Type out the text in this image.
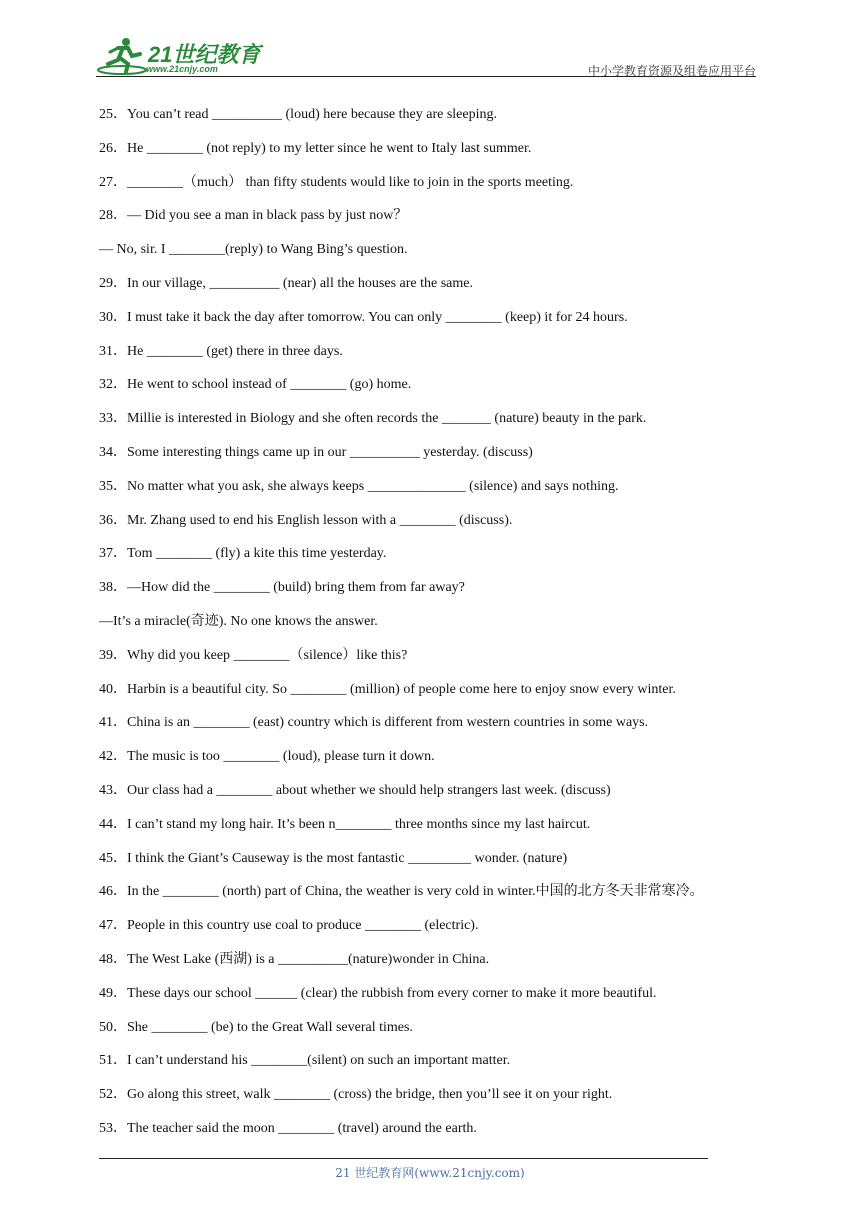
21世纪教育
www.21cnjy.com	中小学教育资源及组卷应用平台
25．You can’t read __________ (loud) here because they are sleeping.
26．He ________ (not reply) to my letter since he went to Italy last summer.
27．________（much） than fifty students would like to join in the sports meeting.
28．— Did you see a man in black pass by just now？
— No, sir. I ________(reply) to Wang Bing’s question.
29．In our village, __________ (near) all the houses are the same.
30．I must take it back the day after tomorrow. You can only ________ (keep) it for 24 hours.
31．He ________ (get) there in three days.
32．He went to school instead of ________ (go) home.
33．Millie is interested in Biology and she often records the _______ (nature) beauty in the park.
34．Some interesting things came up in our __________ yesterday. (discuss)
35．No matter what you ask, she always keeps ______________ (silence) and says nothing.
36．Mr. Zhang used to end his English lesson with a ________ (discuss).
37．Tom ________ (fly) a kite this time yesterday.
38．—How did the ________ (build) bring them from far away?
—It’s a miracle(奇迹). No one knows the answer.
39．Why did you keep ________（silence）like this?
40．Harbin is a beautiful city. So ________ (million) of people come here to enjoy snow every winter.
41．China is an ________ (east) country which is different from western countries in some ways.
42．The music is too ________ (loud), please turn it down.
43．Our class had a ________ about whether we should help strangers last week. (discuss)
44．I can’t stand my long hair. It’s been n________ three months since my last haircut.
45．I think the Giant’s Causeway is the most fantastic _________ wonder. (nature)
46．In the ________ (north) part of China, the weather is very cold in winter.中国的北方冬天非常寒冷。
47．People in this country use coal to produce ________ (electric).
48．The West Lake (西湖) is a __________(nature)wonder in China.
49．These days our school ______ (clear) the rubbish from every corner to make it more beautiful.
50．She ________ (be) to the Great Wall several times.
51．I can’t understand his ________(silent) on such an important matter.
52．Go along this street, walk ________ (cross) the bridge, then you’ll see it on your right.
53．The teacher said the moon ________ (travel) around the earth.
21 世纪教育网(www.21cnjy.com)
